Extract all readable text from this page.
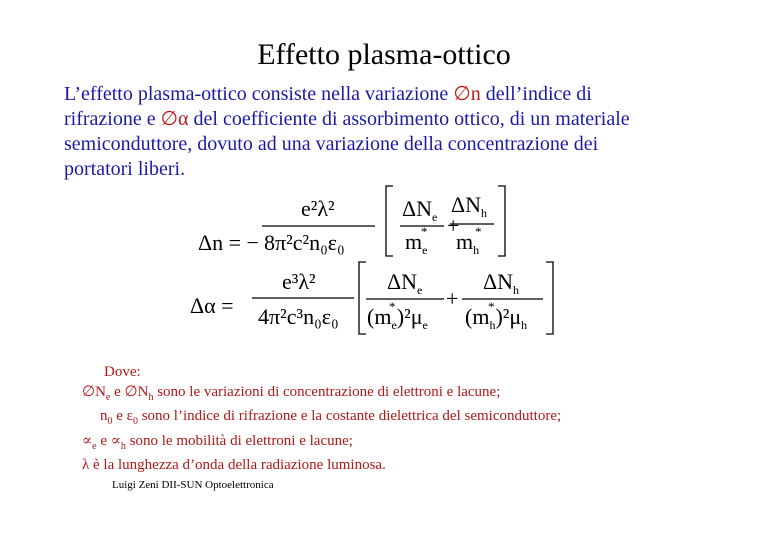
Effetto plasma-ottico

L’effetto plasma-ottico consiste nella variazione ∅n dell’indice di

rifrazione e ∅α del coefficiente di assorbimento ottico, di un materiale

semiconduttore, dovuto ad una variazione della concentrazione dei

portatori liberi.

Δn = −
e²λ²
8π²c²n₀ε₀
$\Delta N_e$
$m_e$
* +
$\Delta N_h$
$m_h$
*
Δα =
e³λ²
4π²c³n₀ε₀
$\Delta N_e$
$(m_e)^2\mu_e$
* +
$\Delta N_h$
$(m_h)^2\mu_h$
*

Dove:

$\emptyset N_e$ e $\emptyset N_h$ sono le variazioni di concentrazione di elettroni e lacune;

$n_0$ e $\varepsilon_0$ sono l’indice di rifrazione e la costante dielettrica del semiconduttore;

$\propto_e$ $e \propto_h$ sono le mobilità di elettroni e lacune;

λ è la lunghezza d’onda della radiazione luminosa.

Luigi Zeni DII-SUN Optoelettronica
